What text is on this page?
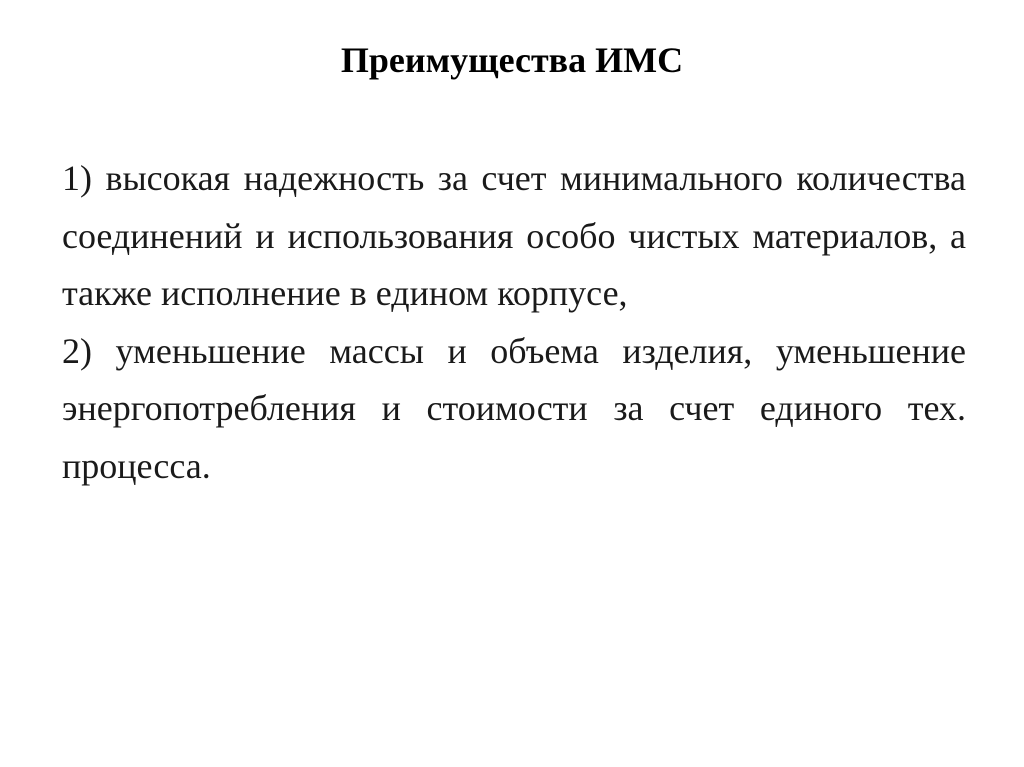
Преимущества ИМС

1) высокая надежность за счет минимального количества соединений и использования особо чистых материалов, а также исполнение в едином корпусе,

2) уменьшение массы и объема изделия, уменьшение энергопотребления и стоимости за счет единого тех. процесса.
